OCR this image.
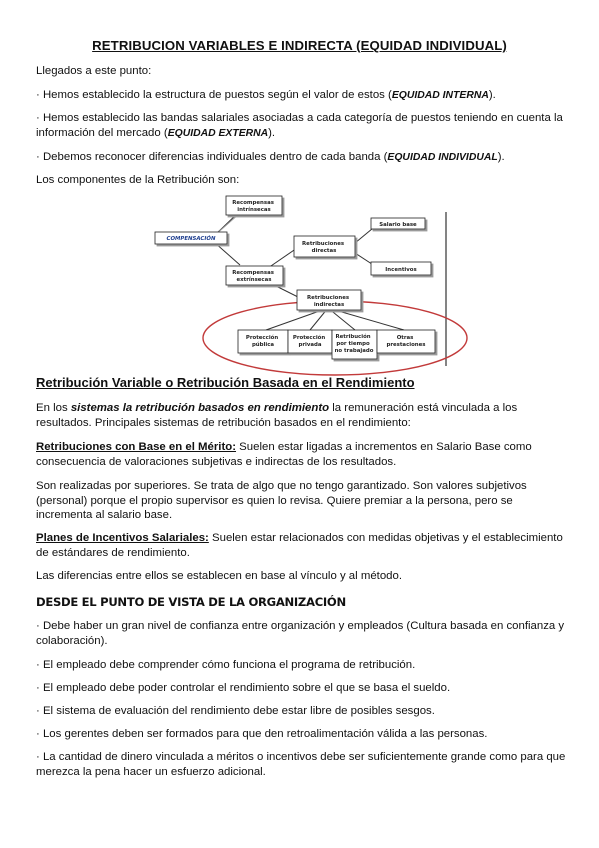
RETRIBUCION VARIABLES E INDIRECTA (EQUIDAD INDIVIDUAL)

Llegados a este punto:

· Hemos establecido la estructura de puestos según el valor de estos (EQUIDAD INTERNA).

· Hemos establecido las bandas salariales asociadas a cada categoría de puestos teniendo en cuenta la información del mercado (EQUIDAD EXTERNA).

· Debemos reconocer diferencias individuales dentro de cada banda (EQUIDAD INDIVIDUAL).

Los componentes de la Retribución son:

Recompensas intrínsecas
COMPENSACIÓN
Recompensas extrínsecas
Retribuciones directas
Salario base
Incentivos
Retribuciones indirectas
Protección pública
Protección privada
Retribución por tiempo no trabajado
Otras prestaciones
Retribución Variable o Retribución Basada en el Rendimiento

En los sistemas la retribución basados en rendimiento la remuneración está vinculada a los resultados. Principales sistemas de retribución basados en el rendimiento:

Retribuciones con Base en el Mérito: Suelen estar ligadas a incrementos en Salario Base como consecuencia de valoraciones subjetivas e indirectas de los resultados.

Son realizadas por superiores. Se trata de algo que no tengo garantizado. Son valores subjetivos (personal) porque el propio supervisor es quien lo revisa. Quiere premiar a la persona, pero se incrementa al salario base.

Planes de Incentivos Salariales: Suelen estar relacionados con medidas objetivas y el establecimiento de estándares de rendimiento.

Las diferencias entre ellos se establecen en base al vínculo y al método.

DESDE EL PUNTO DE VISTA DE LA ORGANIZACIÓN

· Debe haber un gran nivel de confianza entre organización y empleados (Cultura basada en confianza y colaboración).

· El empleado debe comprender cómo funciona el programa de retribución.

· El empleado debe poder controlar el rendimiento sobre el que se basa el sueldo.

· El sistema de evaluación del rendimiento debe estar libre de posibles sesgos.

· Los gerentes deben ser formados para que den retroalimentación válida a las personas.

· La cantidad de dinero vinculada a méritos o incentivos debe ser suficientemente grande como para que merezca la pena hacer un esfuerzo adicional.
